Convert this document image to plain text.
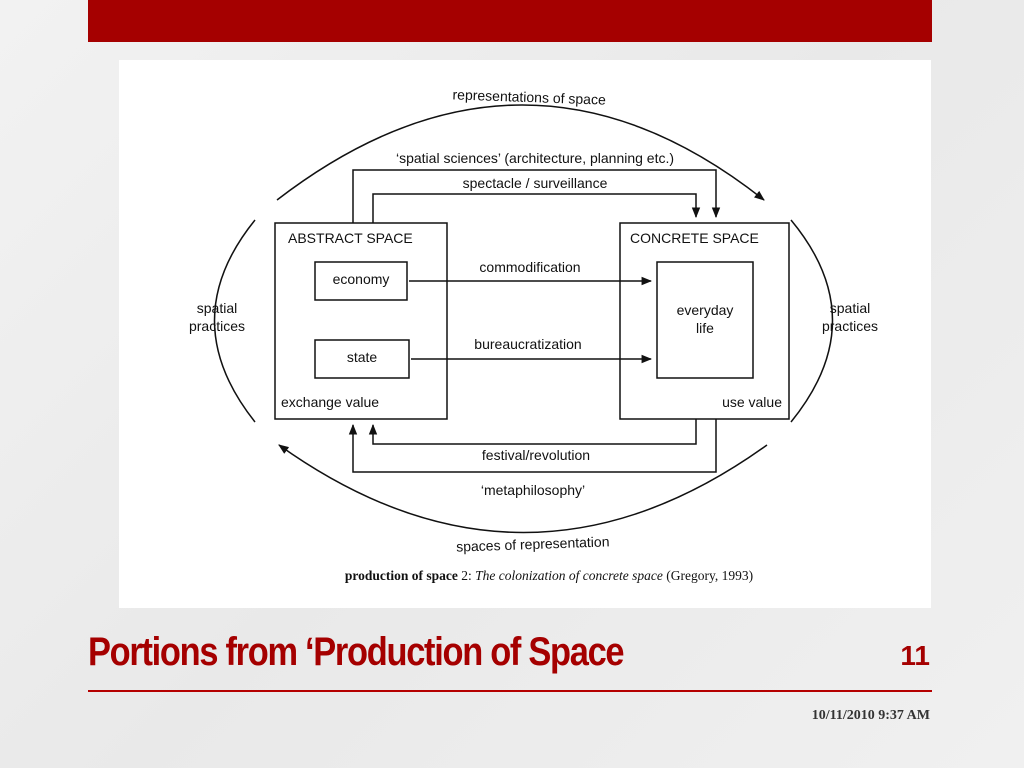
representations of space
spaces of representation
spatial
practices
spatial
practices
‘spatial sciences’ (architecture, planning etc.)
spectacle / surveillance
ABSTRACT SPACE
economy
state
exchange value
CONCRETE SPACE
everyday
life
use value
commodification
bureaucratization
festival/revolution
‘metaphilosophy’
production of space 2: The colonization of concrete space (Gregory, 1993)
Portions from ‘Production of Space	11
10/11/2010 9:37 AM
